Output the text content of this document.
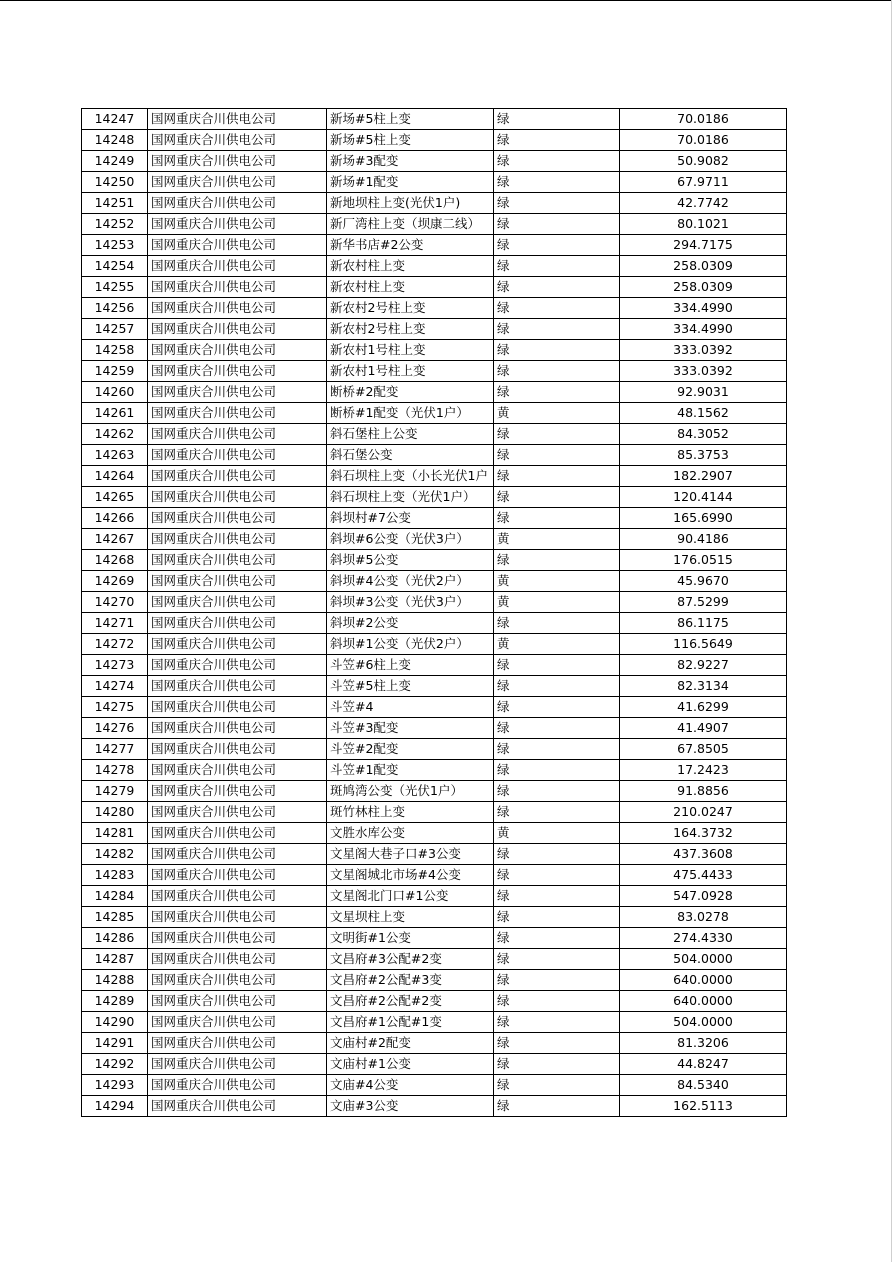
14247	国网重庆合川供电公司	新场#5柱上变	绿	70.0186
14248	国网重庆合川供电公司	新场#5柱上变	绿	70.0186
14249	国网重庆合川供电公司	新场#3配变	绿	50.9082
14250	国网重庆合川供电公司	新场#1配变	绿	67.9711
14251	国网重庆合川供电公司	新地坝柱上变(光伏1户)	绿	42.7742
14252	国网重庆合川供电公司	新厂湾柱上变（坝康二线）	绿	80.1021
14253	国网重庆合川供电公司	新华书店#2公变	绿	294.7175
14254	国网重庆合川供电公司	新农村柱上变	绿	258.0309
14255	国网重庆合川供电公司	新农村柱上变	绿	258.0309
14256	国网重庆合川供电公司	新农村2号柱上变	绿	334.4990
14257	国网重庆合川供电公司	新农村2号柱上变	绿	334.4990
14258	国网重庆合川供电公司	新农村1号柱上变	绿	333.0392
14259	国网重庆合川供电公司	新农村1号柱上变	绿	333.0392
14260	国网重庆合川供电公司	断桥#2配变	绿	92.9031
14261	国网重庆合川供电公司	断桥#1配变（光伏1户）	黄	48.1562
14262	国网重庆合川供电公司	斜石堡柱上公变	绿	84.3052
14263	国网重庆合川供电公司	斜石堡公变	绿	85.3753
14264	国网重庆合川供电公司	斜石坝柱上变（小长光伏1户	绿	182.2907
14265	国网重庆合川供电公司	斜石坝柱上变（光伏1户）	绿	120.4144
14266	国网重庆合川供电公司	斜坝村#7公变	绿	165.6990
14267	国网重庆合川供电公司	斜坝#6公变（光伏3户）	黄	90.4186
14268	国网重庆合川供电公司	斜坝#5公变	绿	176.0515
14269	国网重庆合川供电公司	斜坝#4公变（光伏2户）	黄	45.9670
14270	国网重庆合川供电公司	斜坝#3公变（光伏3户）	黄	87.5299
14271	国网重庆合川供电公司	斜坝#2公变	绿	86.1175
14272	国网重庆合川供电公司	斜坝#1公变（光伏2户）	黄	116.5649
14273	国网重庆合川供电公司	斗笠#6柱上变	绿	82.9227
14274	国网重庆合川供电公司	斗笠#5柱上变	绿	82.3134
14275	国网重庆合川供电公司	斗笠#4	绿	41.6299
14276	国网重庆合川供电公司	斗笠#3配变	绿	41.4907
14277	国网重庆合川供电公司	斗笠#2配变	绿	67.8505
14278	国网重庆合川供电公司	斗笠#1配变	绿	17.2423
14279	国网重庆合川供电公司	斑鸠湾公变（光伏1户）	绿	91.8856
14280	国网重庆合川供电公司	斑竹林柱上变	绿	210.0247
14281	国网重庆合川供电公司	文胜水库公变	黄	164.3732
14282	国网重庆合川供电公司	文星阁大巷子口#3公变	绿	437.3608
14283	国网重庆合川供电公司	文星阁城北市场#4公变	绿	475.4433
14284	国网重庆合川供电公司	文星阁北门口#1公变	绿	547.0928
14285	国网重庆合川供电公司	文星坝柱上变	绿	83.0278
14286	国网重庆合川供电公司	文明街#1公变	绿	274.4330
14287	国网重庆合川供电公司	文昌府#3公配#2变	绿	504.0000
14288	国网重庆合川供电公司	文昌府#2公配#3变	绿	640.0000
14289	国网重庆合川供电公司	文昌府#2公配#2变	绿	640.0000
14290	国网重庆合川供电公司	文昌府#1公配#1变	绿	504.0000
14291	国网重庆合川供电公司	文庙村#2配变	绿	81.3206
14292	国网重庆合川供电公司	文庙村#1公变	绿	44.8247
14293	国网重庆合川供电公司	文庙#4公变	绿	84.5340
14294	国网重庆合川供电公司	文庙#3公变	绿	162.5113
